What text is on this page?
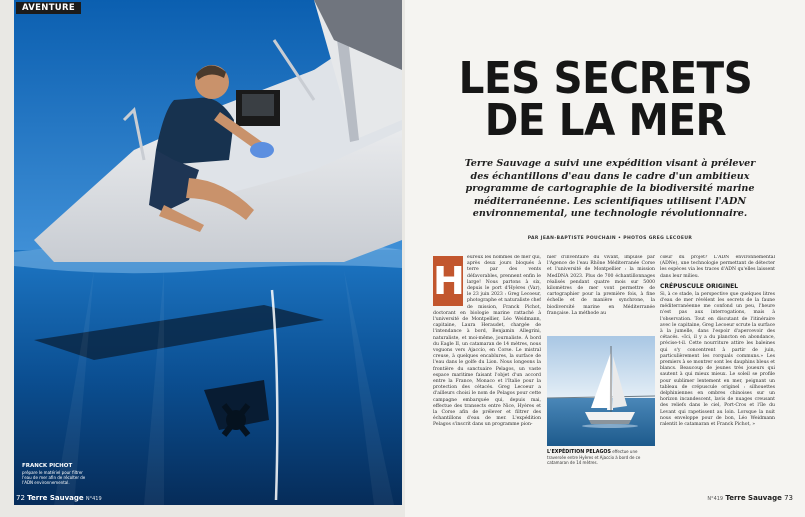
AVENTURE
FRANCK PICHOT
prépare le matériel pour filtrer l'eau de mer afin de récolter de l'ADN environnemental.
72 Terre Sauvage N°419
LES SECRETS
DE LA MER

Terre Sauvage a suivi une expédition visant à prélever des échantillons d'eau dans le cadre d'un ambitieux programme de cartographie de la biodiversité marine méditerranéenne. Les scientifiques utilisent l'ADN environnemental, une technologie révolutionnaire.

PAR JEAN-BAPTISTE POUCHAIN • PHOTOS GREG LECOEUR
H
eureux les hommes de mer qui, après deux jours bloqués à terre par des vents défavorables, prennent enfin le large! Nous partons à six, depuis le port d'Hyères (Var), le 23 juin 2023 : Greg Lecoeur, photographe et naturaliste chef de mission, Franck Pichot, doctorant en biologie marine rattaché à l'université de Montpellier, Léo Weidmann, capitaine, Laura Heraudet, chargée de l'intendance à bord, Benjamin Allegrini, naturaliste, et moi-même, journaliste. À bord du Eagle II, un catamaran de 14 mètres, nous voguons vers Ajaccio, en Corse. Le mistral creuse, à quelques encablures, la surface de l'eau dans le golfe du Lion. Nous longeons la frontière du sanctuaire Pelagos, un vaste espace maritime faisant l'objet d'un accord entre la France, Monaco et l'Italie pour la protection des cétacés. Greg Lecoeur a d'ailleurs choisi le nom de Pelagos pour cette campagne embarquée qui, depuis mai, effectue des transects entre Nice, Hyères et la Corse afin de prélever et filtrer des échantillons d'eau de mer. L'expédition Pelagos s'inscrit dans un programme pion-
nier d'inventaire du vivant, impulsé par l'Agence de l'eau Rhône Méditerranée Corse et l'université de Montpellier : la mission MedDNA 2023. Plus de 700 échantillonnages réalisés pendant quatre mois sur 5000 kilomètres de mer vont permettre de cartographier pour la première fois, à fine échelle et de manière synchrone, la biodiversité marine en Méditerranée française. La méthode au
L'EXPÉDITION PELAGOS effectue une traversée entre Hyères et Ajaccio à bord de ce catamaran de 14 mètres.
cœur du projet? L'ADN environnemental (ADNe), une technologie permettant de détecter les espèces via les traces d'ADN qu'elles laissent dans leur milieu.
CRÉPUSCULE ORIGINEL
Si, à ce stade, la perspective que quelques litres d'eau de mer révèlent les secrets de la faune méditerranéenne me confond un peu, l'heure n'est pas aux interrogations, mais à l'observation. Tout en discutant de l'itinéraire avec le capitaine, Greg Lecoeur scrute la surface à la jumelle, dans l'espoir d'apercevoir des cétacés. «Ici, il y a du plancton en abondance, précise-t-il. Cette nourriture attire les baleines qui s'y concentrent à partir de juin, particulièrement les rorquals communs.» Les premiers à se montrer sont les dauphins bleus et blancs. Beaucoup de jeunes très joueurs qui sautent à qui mieux mieux. Le soleil se profile pour sublimer lentement en mer, peignant un tableau de crépuscule originel : silhouettes delphiniennes en ombres chinoises sur un horizon incandescent, lavis de nuages creusant des reliefs dans le ciel, Port-Cros et l'île du Levant qui rapetissent au loin. Lorsque la nuit nous enveloppe pour de bon, Léo Weidmann ralentit le catamaran et Franck Pichot, »
N°419 Terre Sauvage 73
